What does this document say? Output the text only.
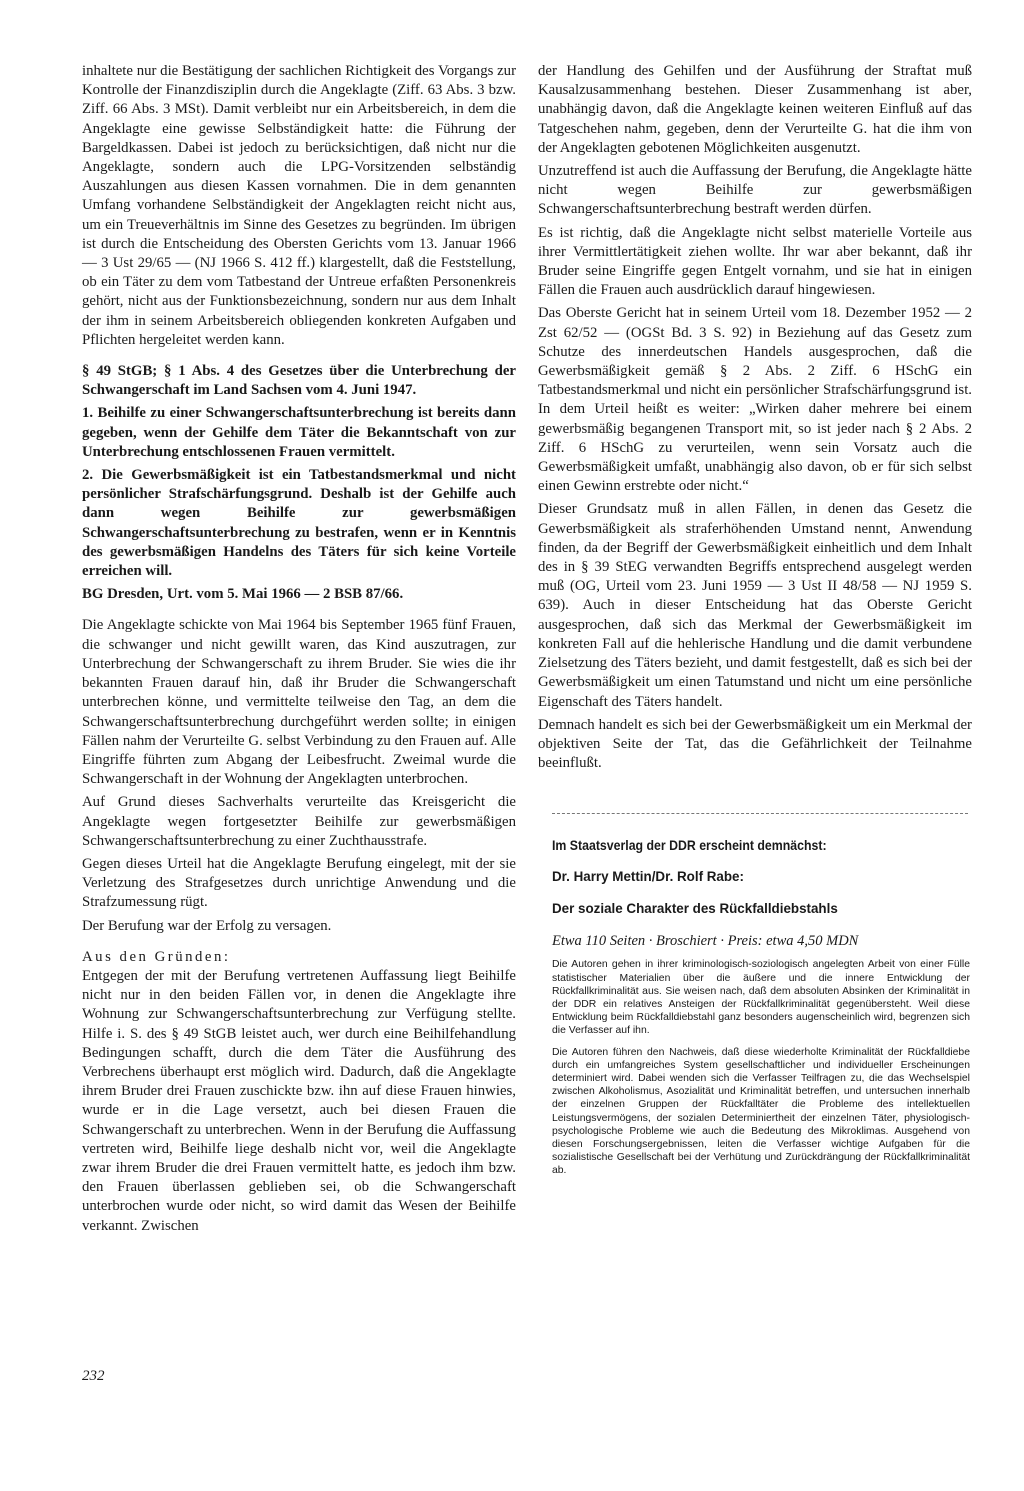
inhaltete nur die Bestätigung der sachlichen Richtigkeit des Vorgangs zur Kontrolle der Finanzdisziplin durch die Angeklagte (Ziff. 63 Abs. 3 bzw. Ziff. 66 Abs. 3 MSt). Damit verbleibt nur ein Arbeitsbereich, in dem die Angeklagte eine gewisse Selbständigkeit hatte: die Führung der Bargeldkassen. Dabei ist jedoch zu berücksichtigen, daß nicht nur die Angeklagte, sondern auch die LPG-Vorsitzenden selbständig Auszahlungen aus diesen Kassen vornahmen. Die in dem genannten Umfang vorhandene Selbständigkeit der Angeklagten reicht nicht aus, um ein Treueverhältnis im Sinne des Gesetzes zu begründen. Im übrigen ist durch die Entscheidung des Obersten Gerichts vom 13. Januar 1966 — 3 Ust 29/65 — (NJ 1966 S. 412 ff.) klargestellt, daß die Feststellung, ob ein Täter zu dem vom Tatbestand der Untreue erfaßten Personenkreis gehört, nicht aus der Funktionsbezeichnung, sondern nur aus dem Inhalt der ihm in seinem Arbeitsbereich obliegenden konkreten Aufgaben und Pflichten hergeleitet werden kann.

§ 49 StGB; § 1 Abs. 4 des Gesetzes über die Unterbrechung der Schwangerschaft im Land Sachsen vom 4. Juni 1947.
1. Beihilfe zu einer Schwangerschaftsunterbrechung ist bereits dann gegeben, wenn der Gehilfe dem Täter die Bekanntschaft von zur Unterbrechung entschlossenen Frauen vermittelt.
2. Die Gewerbsmäßigkeit ist ein Tatbestandsmerkmal und nicht persönlicher Strafschärfungsgrund. Deshalb ist der Gehilfe auch dann wegen Beihilfe zur gewerbsmäßigen Schwangerschaftsunterbrechung zu bestrafen, wenn er in Kenntnis des gewerbsmäßigen Handelns des Täters für sich keine Vorteile erreichen will.
BG Dresden, Urt. vom 5. Mai 1966 — 2 BSB 87/66.

Die Angeklagte schickte von Mai 1964 bis September 1965 fünf Frauen, die schwanger und nicht gewillt waren, das Kind auszutragen, zur Unterbrechung der Schwangerschaft zu ihrem Bruder. Sie wies die ihr bekannten Frauen darauf hin, daß ihr Bruder die Schwangerschaft unterbrechen könne, und vermittelte teilweise den Tag, an dem die Schwangerschaftsunterbrechung durchgeführt werden sollte; in einigen Fällen nahm der Verurteilte G. selbst Verbindung zu den Frauen auf. Alle Eingriffe führten zum Abgang der Leibesfrucht. Zweimal wurde die Schwangerschaft in der Wohnung der Angeklagten unterbrochen.

Auf Grund dieses Sachverhalts verurteilte das Kreisgericht die Angeklagte wegen fortgesetzter Beihilfe zur gewerbsmäßigen Schwangerschaftsunterbrechung zu einer Zuchthausstrafe.

Gegen dieses Urteil hat die Angeklagte Berufung eingelegt, mit der sie Verletzung des Strafgesetzes durch unrichtige Anwendung und die Strafzumessung rügt.

Der Berufung war der Erfolg zu versagen.

Aus den Gründen:

Entgegen der mit der Berufung vertretenen Auffassung liegt Beihilfe nicht nur in den beiden Fällen vor, in denen die Angeklagte ihre Wohnung zur Schwangerschaftsunterbrechung zur Verfügung stellte. Hilfe i. S. des § 49 StGB leistet auch, wer durch eine Beihilfehandlung Bedingungen schafft, durch die dem Täter die Ausführung des Verbrechens überhaupt erst möglich wird. Dadurch, daß die Angeklagte ihrem Bruder drei Frauen zuschickte bzw. ihn auf diese Frauen hinwies, wurde er in die Lage versetzt, auch bei diesen Frauen die Schwangerschaft zu unterbrechen. Wenn in der Berufung die Auffassung vertreten wird, Beihilfe liege deshalb nicht vor, weil die Angeklagte zwar ihrem Bruder die drei Frauen vermittelt hatte, es jedoch ihm bzw. den Frauen überlassen geblieben sei, ob die Schwangerschaft unterbrochen wurde oder nicht, so wird damit das Wesen der Beihilfe verkannt. Zwischen

der Handlung des Gehilfen und der Ausführung der Straftat muß Kausalzusammenhang bestehen. Dieser Zusammenhang ist aber, unabhängig davon, daß die Angeklagte keinen weiteren Einfluß auf das Tatgeschehen nahm, gegeben, denn der Verurteilte G. hat die ihm von der Angeklagten gebotenen Möglichkeiten ausgenutzt.

Unzutreffend ist auch die Auffassung der Berufung, die Angeklagte hätte nicht wegen Beihilfe zur gewerbsmäßigen Schwangerschaftsunterbrechung bestraft werden dürfen.

Es ist richtig, daß die Angeklagte nicht selbst materielle Vorteile aus ihrer Vermittlertätigkeit ziehen wollte. Ihr war aber bekannt, daß ihr Bruder seine Eingriffe gegen Entgelt vornahm, und sie hat in einigen Fällen die Frauen auch ausdrücklich darauf hingewiesen.

Das Oberste Gericht hat in seinem Urteil vom 18. Dezember 1952 — 2 Zst 62/52 — (OGSt Bd. 3 S. 92) in Beziehung auf das Gesetz zum Schutze des innerdeutschen Handels ausgesprochen, daß die Gewerbsmäßigkeit gemäß § 2 Abs. 2 Ziff. 6 HSchG ein Tatbestandsmerkmal und nicht ein persönlicher Strafschärfungsgrund ist. In dem Urteil heißt es weiter: „Wirken daher mehrere bei einem gewerbsmäßig begangenen Transport mit, so ist jeder nach § 2 Abs. 2 Ziff. 6 HSchG zu verurteilen, wenn sein Vorsatz auch die Gewerbsmäßigkeit umfaßt, unabhängig also davon, ob er für sich selbst einen Gewinn erstrebte oder nicht.“

Dieser Grundsatz muß in allen Fällen, in denen das Gesetz die Gewerbsmäßigkeit als straferhöhenden Umstand nennt, Anwendung finden, da der Begriff der Gewerbsmäßigkeit einheitlich und dem Inhalt des in § 39 StEG verwandten Begriffs entsprechend ausgelegt werden muß (OG, Urteil vom 23. Juni 1959 — 3 Ust II 48/58 — NJ 1959 S. 639). Auch in dieser Entscheidung hat das Oberste Gericht ausgesprochen, daß sich das Merkmal der Gewerbsmäßigkeit im konkreten Fall auf die hehlerische Handlung und die damit verbundene Zielsetzung des Täters bezieht, und damit festgestellt, daß es sich bei der Gewerbsmäßigkeit um einen Tatumstand und nicht um eine persönliche Eigenschaft des Täters handelt.

Demnach handelt es sich bei der Gewerbsmäßigkeit um ein Merkmal der objektiven Seite der Tat, das die Gefährlichkeit der Teilnahme beeinflußt.

Im Staatsverlag der DDR erscheint demnächst:
Dr. Harry Mettin/Dr. Rolf Rabe:
Der soziale Charakter des Rückfalldiebstahls
Etwa 110 Seiten · Broschiert · Preis: etwa 4,50 MDN
Die Autoren gehen in ihrer kriminologisch-soziologisch angelegten Arbeit von einer Fülle statistischer Materialien über die äußere und die innere Entwicklung der Rückfallkriminalität aus. Sie weisen nach, daß dem absoluten Absinken der Kriminalität in der DDR ein relatives Ansteigen der Rückfallkriminalität gegenübersteht. Weil diese Entwicklung beim Rückfalldiebstahl ganz besonders augenscheinlich wird, begrenzen sich die Verfasser auf ihn.
Die Autoren führen den Nachweis, daß diese wiederholte Kriminalität der Rückfalldiebe durch ein umfangreiches System gesellschaftlicher und individueller Erscheinungen determiniert wird. Dabei wenden sich die Verfasser Teilfragen zu, die das Wechselspiel zwischen Alkoholismus, Asozialität und Kriminalität betreffen, und untersuchen innerhalb der einzelnen Gruppen der Rückfalltäter die Probleme des intellektuellen Leistungsvermögens, der sozialen Determiniertheit der einzelnen Täter, physiologisch-psychologische Probleme wie auch die Bedeutung des Mikroklimas. Ausgehend von diesen Forschungsergebnissen, leiten die Verfasser wichtige Aufgaben für die sozialistische Gesellschaft bei der Verhütung und Zurückdrängung der Rückfallkriminalität ab.
232
